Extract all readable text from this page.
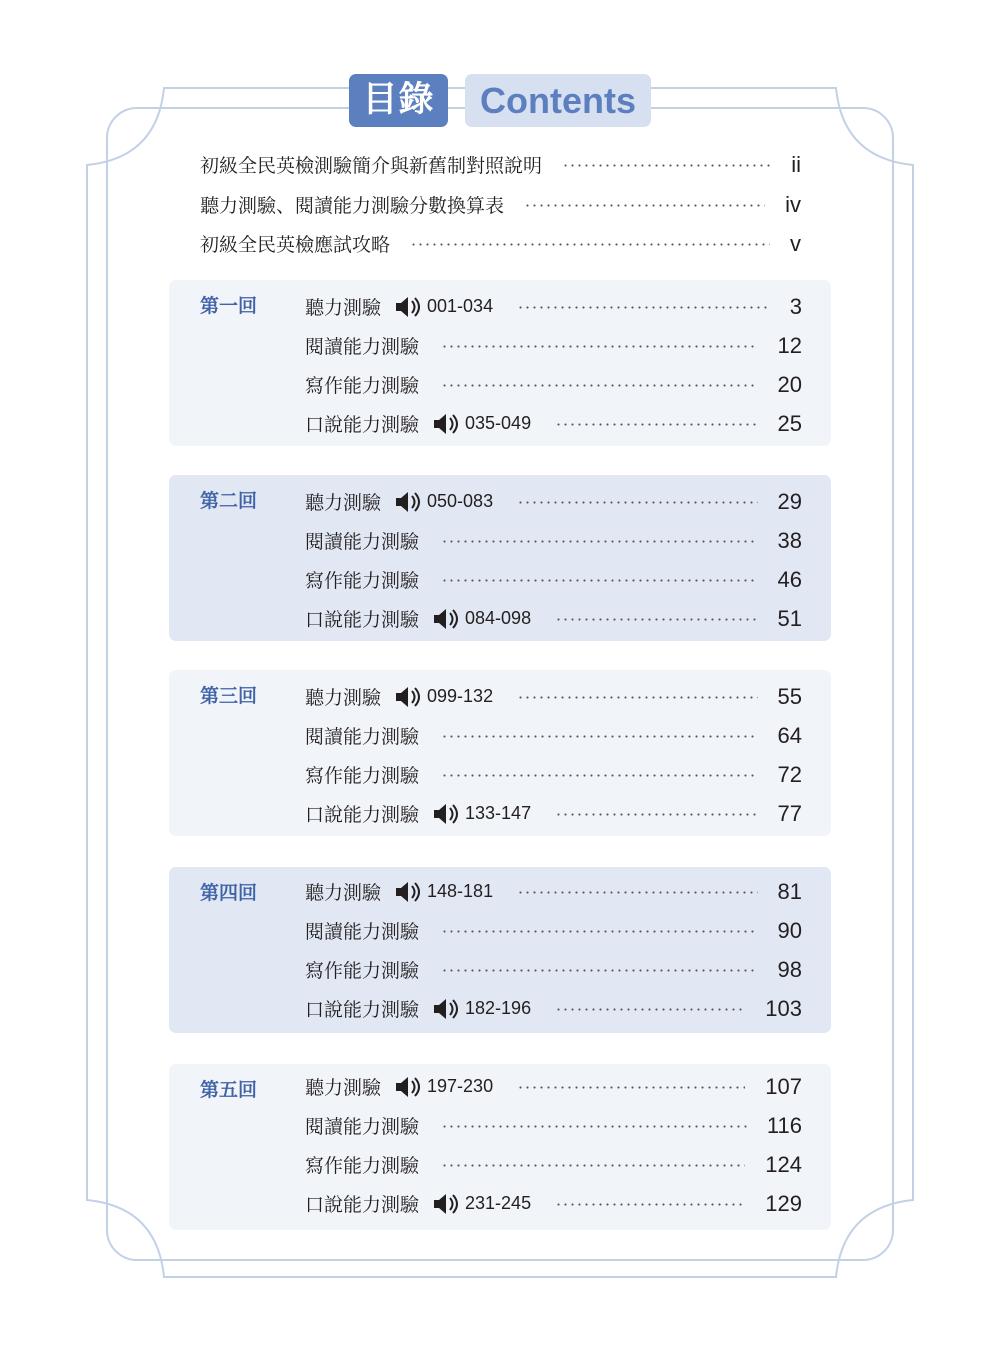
目錄	Contents
初級全民英檢測驗簡介與新舊制對照說明	ii
聽力測驗、閱讀能力測驗分數換算表	iv
初級全民英檢應試攻略	v
第一回	聽力測驗	001-034	3
閱讀能力測驗	12
寫作能力測驗	20
口說能力測驗	035-049	25
第二回	聽力測驗	050-083	29
閱讀能力測驗	38
寫作能力測驗	46
口說能力測驗	084-098	51
第三回	聽力測驗	099-132	55
閱讀能力測驗	64
寫作能力測驗	72
口說能力測驗	133-147	77
第四回	聽力測驗	148-181	81
閱讀能力測驗	90
寫作能力測驗	98
口說能力測驗	182-196	103
第五回	聽力測驗	197-230	107
閱讀能力測驗	116
寫作能力測驗	124
口說能力測驗	231-245	129
